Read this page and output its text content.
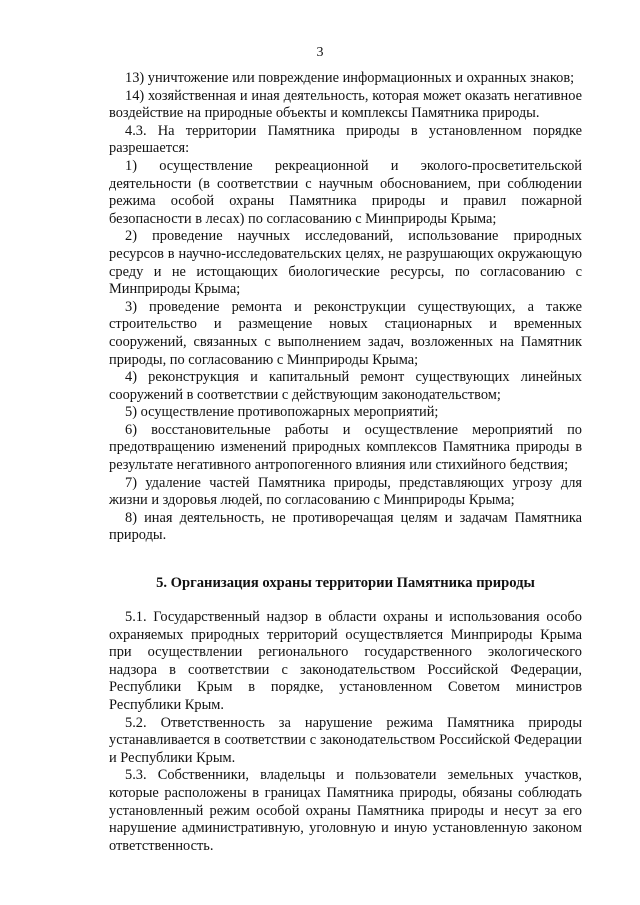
3

13) уничтожение или повреждение информационных и охранных знаков;

14) хозяйственная и иная деятельность, которая может оказать негативное воздействие на природные объекты и комплексы Памятника природы.

4.3. На территории Памятника природы в установленном порядке разрешается:

1) осуществление рекреационной и эколого-просветительской деятельности (в соответствии с научным обоснованием, при соблюдении режима особой охраны Памятника природы и правил пожарной безопасности в лесах) по согласованию с Минприроды Крыма;

2) проведение научных исследований, использование природных ресурсов в научно-исследовательских целях, не разрушающих окружающую среду и не истощающих биологические ресурсы, по согласованию с Минприроды Крыма;

3) проведение ремонта и реконструкции существующих, а также строительство и размещение новых стационарных и временных сооружений, связанных с выполнением задач, возложенных на Памятник природы, по согласованию с Минприроды Крыма;

4) реконструкция и капитальный ремонт существующих линейных сооружений в соответствии с действующим законодательством;

5) осуществление противопожарных мероприятий;

6) восстановительные работы и осуществление мероприятий по предотвращению изменений природных комплексов Памятника природы в результате негативного антропогенного влияния или стихийного бедствия;

7) удаление частей Памятника природы, представляющих угрозу для жизни и здоровья людей, по согласованию с Минприроды Крыма;

8) иная деятельность, не противоречащая целям и задачам Памятника природы.

5. Организация охраны территории Памятника природы

5.1. Государственный надзор в области охраны и использования особо охраняемых природных территорий осуществляется Минприроды Крыма при осуществлении регионального государственного экологического надзора в соответствии с законодательством Российской Федерации, Республики Крым в порядке, установленном Советом министров Республики Крым.

5.2. Ответственность за нарушение режима Памятника природы устанавливается в соответствии с законодательством Российской Федерации и Республики Крым.

5.3. Собственники, владельцы и пользователи земельных участков, которые расположены в границах Памятника природы, обязаны соблюдать установленный режим особой охраны Памятника природы и несут за его нарушение административную, уголовную и иную установленную законом ответственность.
